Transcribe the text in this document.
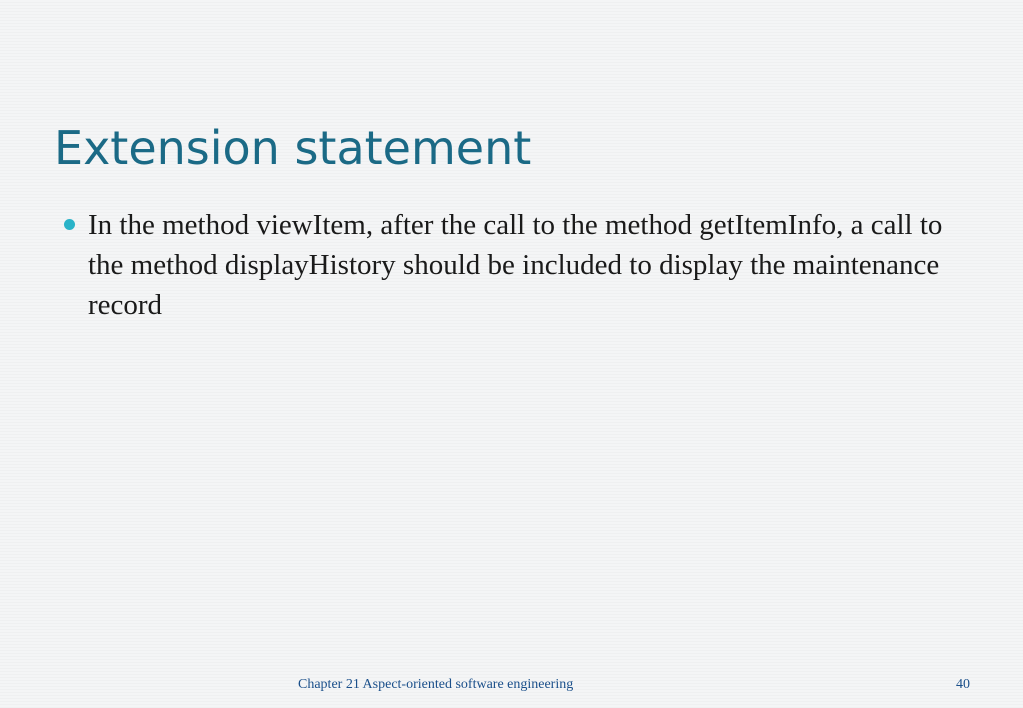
Extension statement
In the method viewItem, after the call to the method getItemInfo, a call to the method displayHistory should be included to display the maintenance record
Chapter 21 Aspect-oriented software engineering	40
